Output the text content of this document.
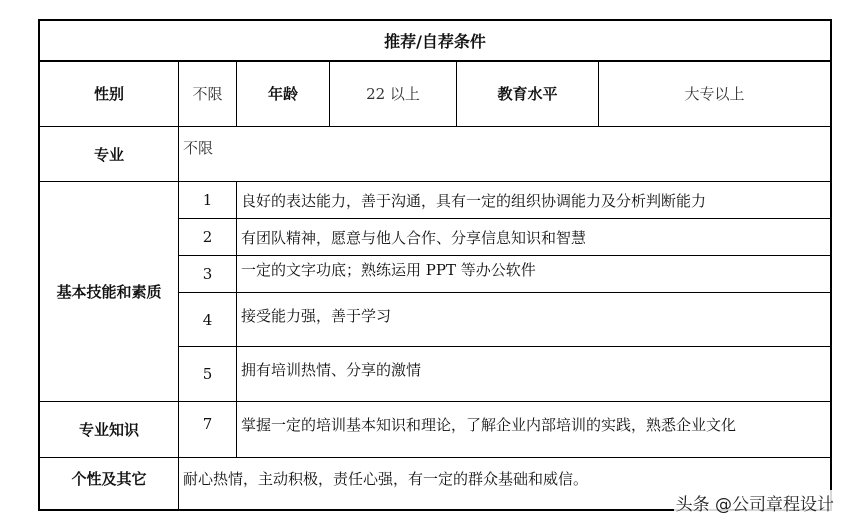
推荐/自荐条件
性别	不限	年龄	22 以上	教育水平	大专以上
专业	不限
基本技能和素质
1	良好的表达能力，善于沟通，具有一定的组织协调能力及分析判断能力
2	有团队精神，愿意与他人合作、分享信息知识和智慧
3	一定的文字功底；熟练运用 PPT 等办公软件
4	接受能力强，善于学习
5	拥有培训热情、分享的激情
专业知识	7	掌握一定的培训基本知识和理论，了解企业内部培训的实践，熟悉企业文化
个性及其它	耐心热情，主动积极，责任心强，有一定的群众基础和威信。
头条 @公司章程设计
